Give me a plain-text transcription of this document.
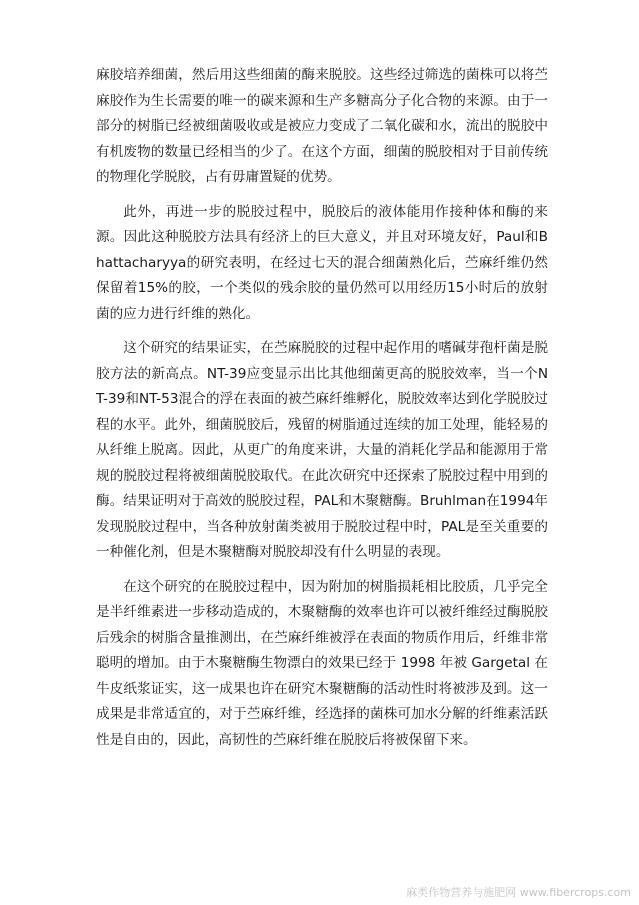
麻胶培养细菌，然后用这些细菌的酶来脱胶。这些经过筛选的菌株可以将苎麻胶作为生长需要的唯一的碳来源和生产多糖高分子化合物的来源。由于一部分的树脂已经被细菌吸收或是被应力变成了二氧化碳和水，流出的脱胶中有机废物的数量已经相当的少了。在这个方面，细菌的脱胶相对于目前传统的物理化学脱胶，占有毋庸置疑的优势。

此外，再进一步的脱胶过程中，脱胶后的液体能用作接种体和酶的来源。因此这种脱胶方法具有经济上的巨大意义，并且对环境友好，Paul和Bhattacharyya的研究表明，在经过七天的混合细菌熟化后，苎麻纤维仍然保留着15%的胶，一个类似的残余胶的量仍然可以用经历15小时后的放射菌的应力进行纤维的熟化。

这个研究的结果证实，在苎麻脱胶的过程中起作用的嗜碱芽孢杆菌是脱胶方法的新高点。NT-39应变显示出比其他细菌更高的脱胶效率，当一个NT-39和NT-53混合的浮在表面的被苎麻纤维孵化，脱胶效率达到化学脱胶过程的水平。此外，细菌脱胶后，残留的树脂通过连续的加工处理，能轻易的从纤维上脱离。因此，从更广的角度来讲，大量的消耗化学品和能源用于常规的脱胶过程将被细菌脱胶取代。在此次研究中还探索了脱胶过程中用到的酶。结果证明对于高效的脱胶过程，PAL和木聚糖酶。Bruhlman在1994年发现脱胶过程中，当各种放射菌类被用于脱胶过程中时，PAL是至关重要的一种催化剂，但是木聚糖酶对脱胶却没有什么明显的表现。

在这个研究的在脱胶过程中，因为附加的树脂损耗相比胶质，几乎完全是半纤维素进一步移动造成的，木聚糖酶的效率也许可以被纤维经过酶脱胶后残余的树脂含量推测出，在苎麻纤维被浮在表面的物质作用后，纤维非常聪明的增加。由于木聚糖酶生物漂白的效果已经于 1998 年被 Gargetal 在牛皮纸浆证实，这一成果也许在研究木聚糖酶的活动性时将被涉及到。这一成果是非常适宜的，对于苎麻纤维，经选择的菌株可加水分解的纤维素活跃性是自由的，因此，高韧性的苎麻纤维在脱胶后将被保留下来。

麻类作物营养与施肥网 www.fibercrops.com
